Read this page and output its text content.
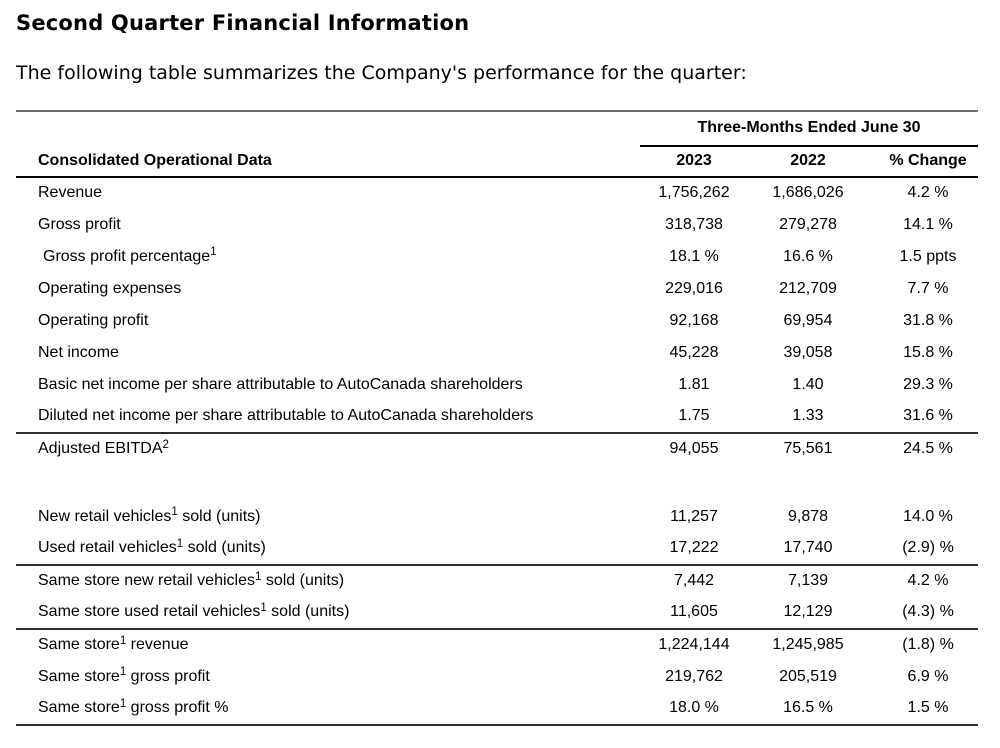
Second Quarter Financial Information

The following table summarizes the Company's performance for the quarter:

	Three-Months Ended June 30		
Consolidated Operational Data	2023	2022	% Change
Revenue	1,756,262	1,686,026	4.2 %
Gross profit	318,738	279,278	14.1 %
Gross profit percentage$^1$	18.1 %	16.6 %	1.5 ppts
Operating expenses	229,016	212,709	7.7 %
Operating profit	92,168	69,954	31.8 %
Net income	45,228	39,058	15.8 %
Basic net income per share attributable to AutoCanada shareholders	1.81	1.40	29.3 %
Diluted net income per share attributable to AutoCanada shareholders	1.75	1.33	31.6 %
Adjusted EBITDA$^2$	94,055	75,561	24.5 %

New retail vehicles$^1$ sold (units)	11,257	9,878	14.0 %
Used retail vehicles$^1$ sold (units)	17,222	17,740	(2.9) %
Same store new retail vehicles$^1$ sold (units)	7,442	7,139	4.2 %
Same store used retail vehicles$^1$ sold (units)	11,605	12,129	(4.3) %
Same store$^1$ revenue	1,224,144	1,245,985	(1.8) %
Same store$^1$ gross profit	219,762	205,519	6.9 %
Same store$^1$ gross profit %	18.0 %	16.5 %	1.5 %
